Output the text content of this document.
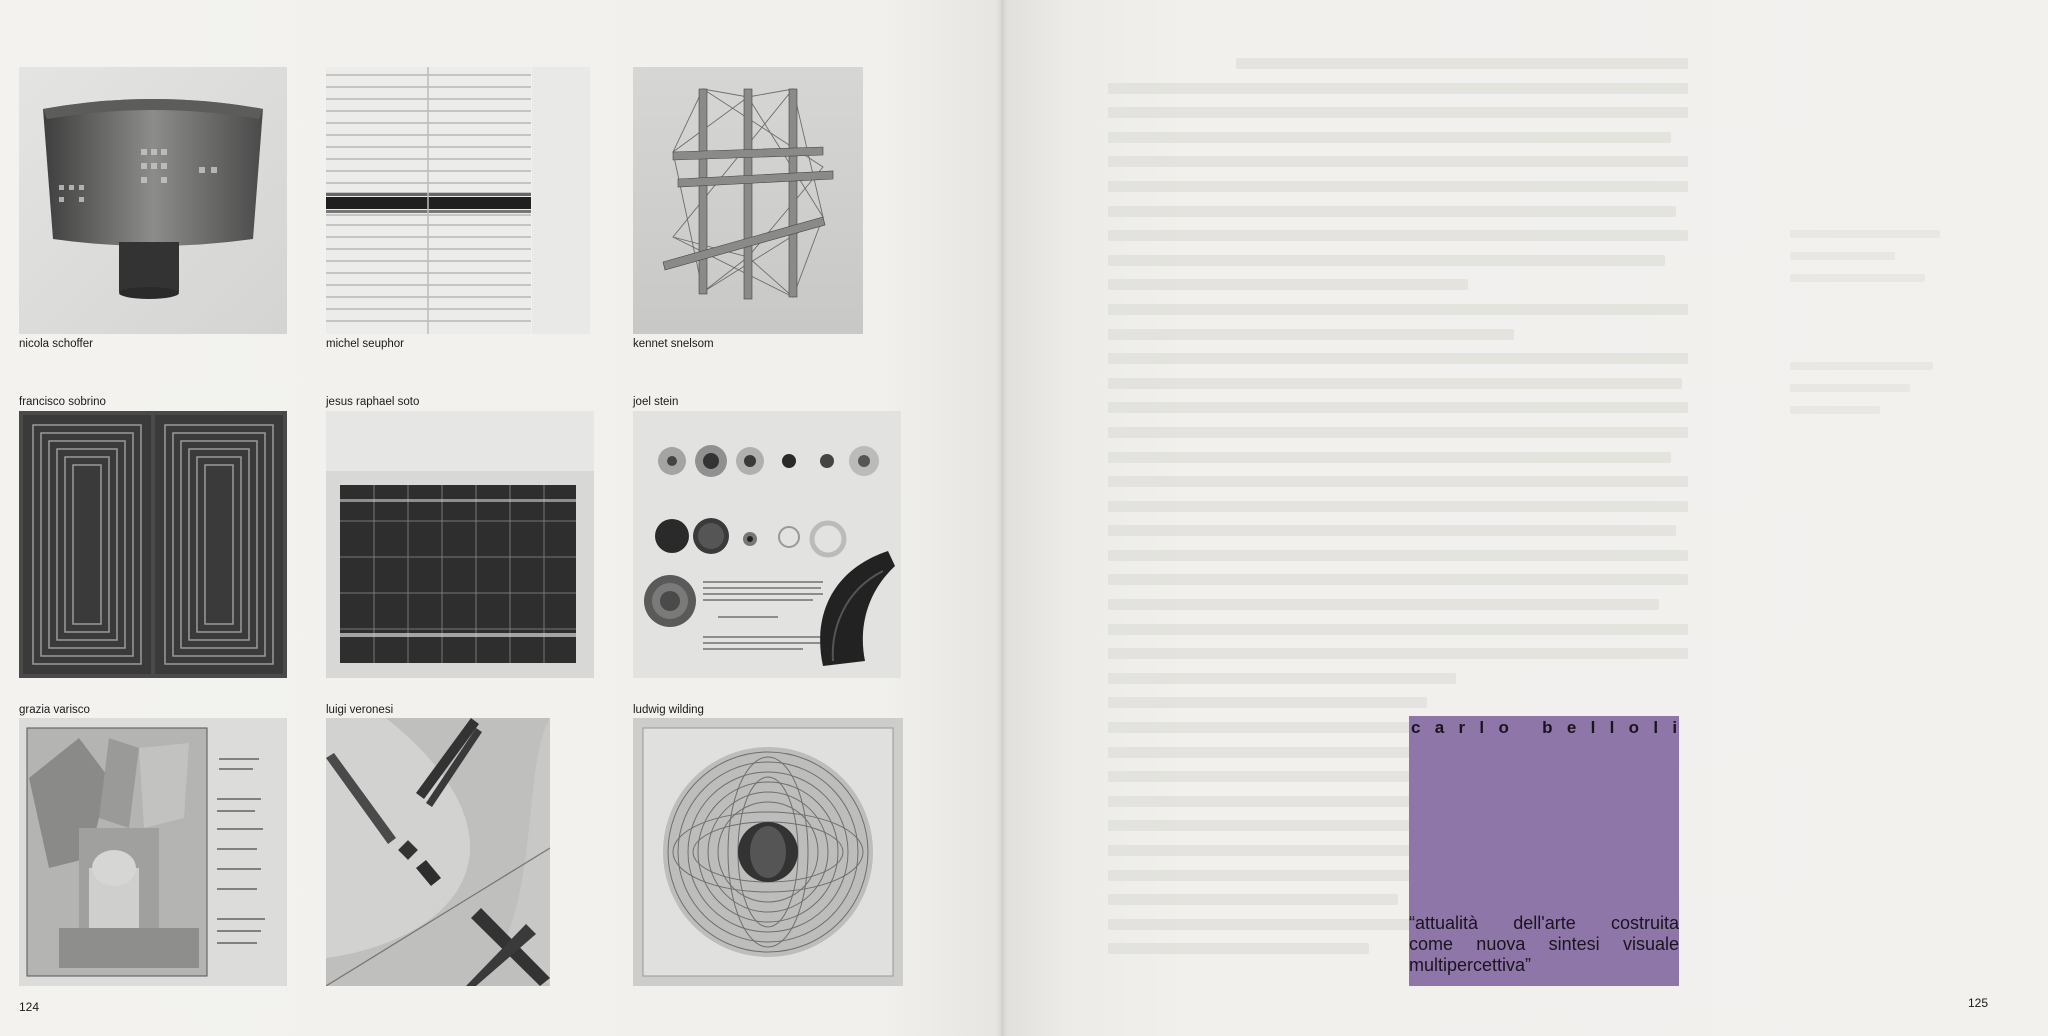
nicola schoffer	michel seuphor	kennet snelsom
francisco sobrino	jesus raphael soto	joel stein
grazia varisco	luigi veronesi	ludwig wilding
124	125
carlo belloli
“attualità dell'arte costruita
come nuova sintesi visuale
multipercettiva”
